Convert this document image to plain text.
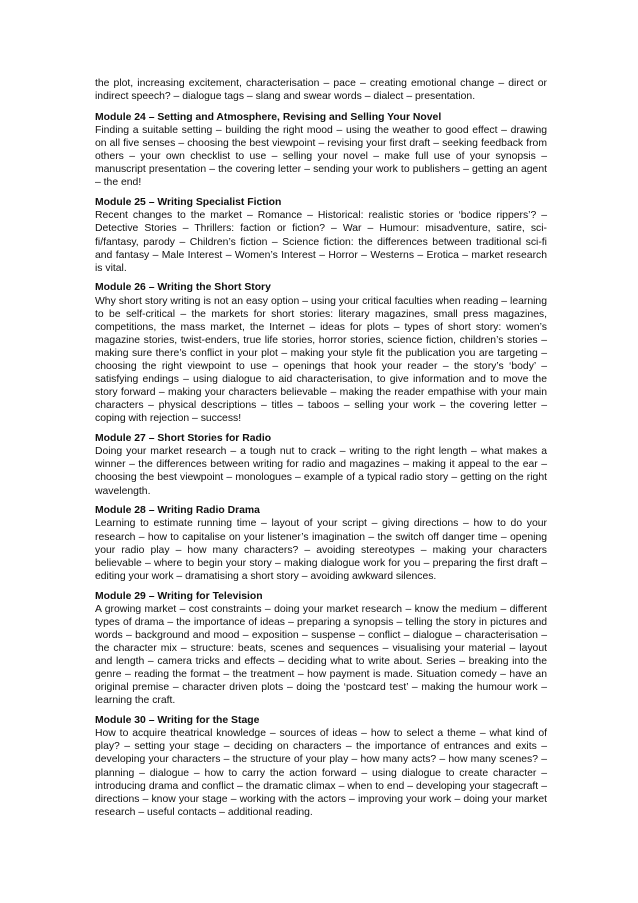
the plot, increasing excitement, characterisation – pace – creating emotional change – direct or indirect speech? – dialogue tags – slang and swear words – dialect – presentation.

Module 24 – Setting and Atmosphere, Revising and Selling Your Novel
Finding a suitable setting – building the right mood – using the weather to good effect – drawing on all five senses – choosing the best viewpoint – revising your first draft – seeking feedback from others – your own checklist to use – selling your novel – make full use of your synopsis – manuscript presentation – the covering letter – sending your work to publishers – getting an agent – the end!
Module 25 – Writing Specialist Fiction
Recent changes to the market – Romance – Historical: realistic stories or ‘bodice rippers’? – Detective Stories – Thrillers: faction or fiction? – War – Humour: misadventure, satire, sci-fi/fantasy, parody – Children’s fiction – Science fiction: the differences between traditional sci-fi and fantasy – Male Interest – Women’s Interest – Horror – Westerns – Erotica – market research is vital.
Module 26 – Writing the Short Story
Why short story writing is not an easy option – using your critical faculties when reading – learning to be self-critical – the markets for short stories: literary magazines, small press magazines, competitions, the mass market, the Internet – ideas for plots – types of short story: women’s magazine stories, twist-enders, true life stories, horror stories, science fiction, children’s stories – making sure there’s conflict in your plot – making your style fit the publication you are targeting – choosing the right viewpoint to use – openings that hook your reader – the story’s ‘body’ – satisfying endings – using dialogue to aid characterisation, to give information and to move the story forward – making your characters believable – making the reader empathise with your main characters – physical descriptions – titles – taboos – selling your work – the covering letter – coping with rejection – success!
Module 27 – Short Stories for Radio
Doing your market research – a tough nut to crack – writing to the right length – what makes a winner – the differences between writing for radio and magazines – making it appeal to the ear – choosing the best viewpoint – monologues – example of a typical radio story – getting on the right wavelength.
Module 28 – Writing Radio Drama
Learning to estimate running time – layout of your script – giving directions – how to do your research – how to capitalise on your listener’s imagination – the switch off danger time – opening your radio play – how many characters? – avoiding stereotypes – making your characters believable – where to begin your story – making dialogue work for you – preparing the first draft – editing your work – dramatising a short story – avoiding awkward silences.
Module 29 – Writing for Television
A growing market – cost constraints – doing your market research – know the medium – different types of drama – the importance of ideas – preparing a synopsis – telling the story in pictures and words – background and mood – exposition – suspense – conflict – dialogue – characterisation – the character mix – structure: beats, scenes and sequences – visualising your material – layout and length – camera tricks and effects – deciding what to write about. Series – breaking into the genre – reading the format – the treatment – how payment is made. Situation comedy – have an original premise – character driven plots – doing the ‘postcard test’ – making the humour work – learning the craft.
Module 30 – Writing for the Stage
How to acquire theatrical knowledge – sources of ideas – how to select a theme – what kind of play? – setting your stage – deciding on characters – the importance of entrances and exits – developing your characters – the structure of your play – how many acts? – how many scenes? – planning – dialogue – how to carry the action forward – using dialogue to create character – introducing drama and conflict – the dramatic climax – when to end – developing your stagecraft – directions – know your stage – working with the actors – improving your work – doing your market research – useful contacts – additional reading.
